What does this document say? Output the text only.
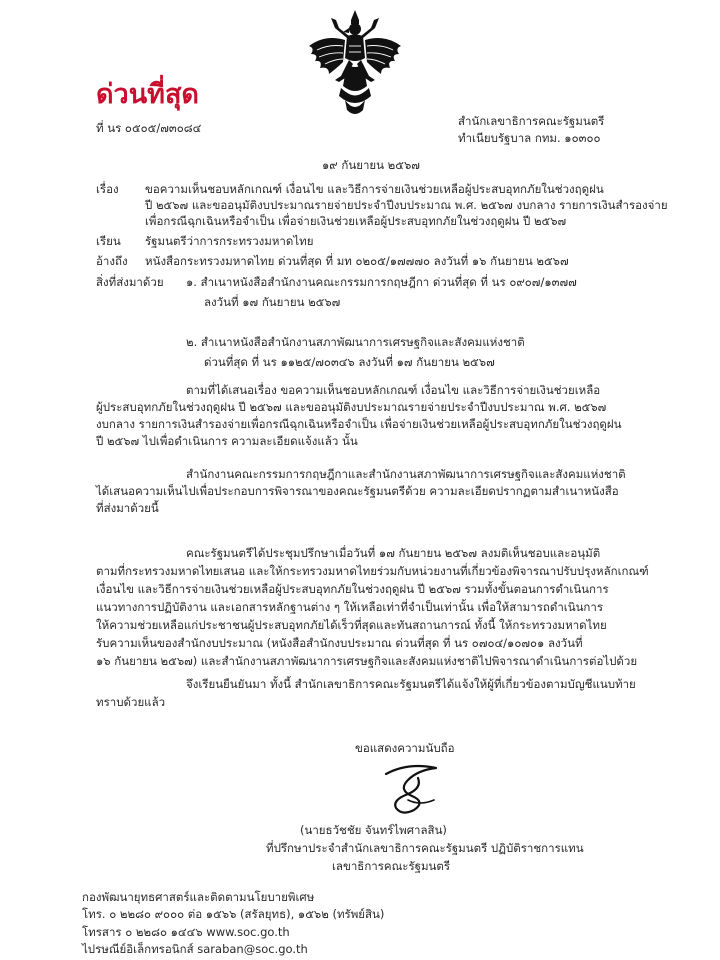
ด่วนที่สุด
ที่ นร ๐๕๐๕/๗๓๐๘๔	สำนักเลขาธิการคณะรัฐมนตรี
ทำเนียบรัฐบาล กทม. ๑๐๓๐๐
๑๙ กันยายน ๒๕๖๗
เรื่อง ขอความเห็นชอบหลักเกณฑ์ เงื่อนไข และวิธีการจ่ายเงินช่วยเหลือผู้ประสบอุทกภัยในช่วงฤดูฝน
ปี ๒๕๖๗ และขออนุมัติงบประมาณรายจ่ายประจำปีงบประมาณ พ.ศ. ๒๕๖๗ งบกลาง รายการเงินสำรองจ่าย
เพื่อกรณีฉุกเฉินหรือจำเป็น เพื่อจ่ายเงินช่วยเหลือผู้ประสบอุทกภัยในช่วงฤดูฝน ปี ๒๕๖๗
เรียน รัฐมนตรีว่าการกระทรวงมหาดไทย
อ้างถึง หนังสือกระทรวงมหาดไทย ด่วนที่สุด ที่ มท ๐๒๐๕/๑๗๗๗๐ ลงวันที่ ๑๖ กันยายน ๒๕๖๗
สิ่งที่ส่งมาด้วย ๑. สำเนาหนังสือสำนักงานคณะกรรมการกฤษฎีกา ด่วนที่สุด ที่ นร ๐๙๐๗/๑๓๗๗
ลงวันที่ ๑๗ กันยายน ๒๕๖๗
๒. สำเนาหนังสือสำนักงานสภาพัฒนาการเศรษฐกิจและสังคมแห่งชาติ
ด่วนที่สุด ที่ นร ๑๑๒๕/๗๐๓๔๖ ลงวันที่ ๑๗ กันยายน ๒๕๖๗
ตามที่ได้เสนอเรื่อง ขอความเห็นชอบหลักเกณฑ์ เงื่อนไข และวิธีการจ่ายเงินช่วยเหลือ
ผู้ประสบอุทกภัยในช่วงฤดูฝน ปี ๒๕๖๗ และขออนุมัติงบประมาณรายจ่ายประจำปีงบประมาณ พ.ศ. ๒๕๖๗
งบกลาง รายการเงินสำรองจ่ายเพื่อกรณีฉุกเฉินหรือจำเป็น เพื่อจ่ายเงินช่วยเหลือผู้ประสบอุทกภัยในช่วงฤดูฝน
ปี ๒๕๖๗ ไปเพื่อดำเนินการ ความละเอียดแจ้งแล้ว นั้น
สำนักงานคณะกรรมการกฤษฎีกาและสำนักงานสภาพัฒนาการเศรษฐกิจและสังคมแห่งชาติ
ได้เสนอความเห็นไปเพื่อประกอบการพิจารณาของคณะรัฐมนตรีด้วย ความละเอียดปรากฏตามสำเนาหนังสือ
ที่ส่งมาด้วยนี้
คณะรัฐมนตรีได้ประชุมปรึกษาเมื่อวันที่ ๑๗ กันยายน ๒๕๖๗ ลงมติเห็นชอบและอนุมัติ
ตามที่กระทรวงมหาดไทยเสนอ และให้กระทรวงมหาดไทยร่วมกับหน่วยงานที่เกี่ยวข้องพิจารณาปรับปรุงหลักเกณฑ์
เงื่อนไข และวิธีการจ่ายเงินช่วยเหลือผู้ประสบอุทกภัยในช่วงฤดูฝน ปี ๒๕๖๗ รวมทั้งขั้นตอนการดำเนินการ
แนวทางการปฏิบัติงาน และเอกสารหลักฐานต่าง ๆ ให้เหลือเท่าที่จำเป็นเท่านั้น เพื่อให้สามารถดำเนินการ
ให้ความช่วยเหลือแก่ประชาชนผู้ประสบอุทกภัยได้เร็วที่สุดและทันสถานการณ์ ทั้งนี้ ให้กระทรวงมหาดไทย
รับความเห็นของสำนักงบประมาณ (หนังสือสำนักงบประมาณ ด่วนที่สุด ที่ นร ๐๗๐๔/๑๐๗๐๑ ลงวันที่
๑๖ กันยายน ๒๕๖๗) และสำนักงานสภาพัฒนาการเศรษฐกิจและสังคมแห่งชาติไปพิจารณาดำเนินการต่อไปด้วย
จึงเรียนยืนยันมา ทั้งนี้ สำนักเลขาธิการคณะรัฐมนตรีได้แจ้งให้ผู้ที่เกี่ยวข้องตามบัญชีแนบท้าย
ทราบด้วยแล้ว
ขอแสดงความนับถือ
(นายธวัชชัย จันทร์ไพศาลสิน)
ที่ปรึกษาประจำสำนักเลขาธิการคณะรัฐมนตรี ปฏิบัติราชการแทน
เลขาธิการคณะรัฐมนตรี
กองพัฒนายุทธศาสตร์และติดตามนโยบายพิเศษ
โทร. ๐ ๒๒๘๐ ๙๐๐๐ ต่อ ๑๕๖๖ (สรัลยุทธ), ๑๕๖๒ (ทรัพย์สิน)
โทรสาร ๐ ๒๒๘๐ ๑๔๔๖ www.soc.go.th
ไปรษณีย์อิเล็กทรอนิกส์ saraban@soc.go.th
